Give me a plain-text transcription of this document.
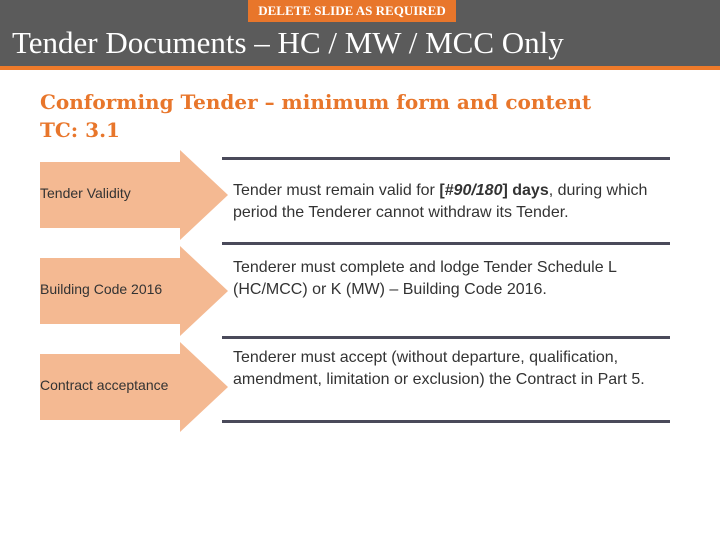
DELETE SLIDE AS REQUIRED
Tender Documents – HC / MW / MCC Only
Conforming Tender – minimum form and content
TC: 3.1
Tender Validity	Tender must remain valid for [#90/180] days, during which period the Tenderer cannot withdraw its Tender.
Building Code 2016
Tenderer must complete and lodge Tender Schedule L (HC/MCC) or K (MW) – Building Code 2016.
Contract acceptance
Tenderer must accept (without departure, qualification, amendment, limitation or exclusion) the Contract in Part 5.
